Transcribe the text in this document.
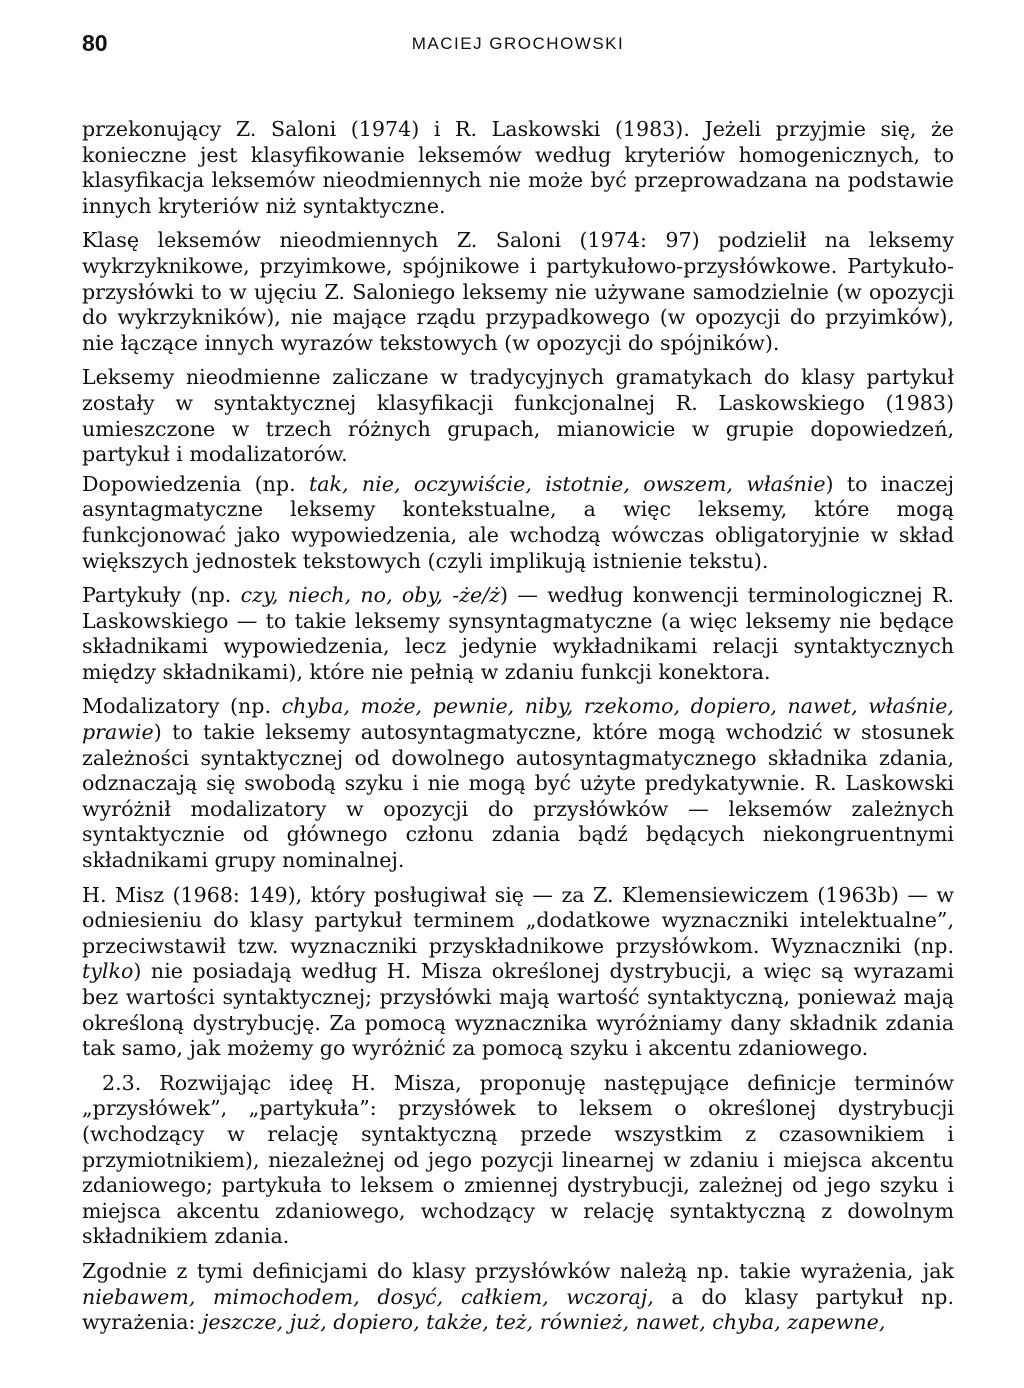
80	MACIEJ GROCHOWSKI

przekonujący Z. Saloni (1974) i R. Laskowski (1983). Jeżeli przyjmie się, że konieczne jest klasyfikowanie leksemów według kryteriów homogenicznych, to klasyfikacja leksemów nieodmiennych nie może być przeprowadzana na podstawie innych kryteriów niż syntaktyczne.

Klasę leksemów nieodmiennych Z. Saloni (1974: 97) podzielił na leksemy wykrzyknikowe, przyimkowe, spójnikowe i partykułowo-przysłówkowe. Partykuło-przysłówki to w ujęciu Z. Saloniego leksemy nie używane samodzielnie (w opozycji do wykrzykników), nie mające rządu przypadkowego (w opozycji do przyimków), nie łączące innych wyrazów tekstowych (w opozycji do spójników).

Leksemy nieodmienne zaliczane w tradycyjnych gramatykach do klasy partykuł zostały w syntaktycznej klasyfikacji funkcjonalnej R. Laskowskiego (1983) umieszczone w trzech różnych grupach, mianowicie w grupie dopowiedzeń, partykuł i modalizatorów.

Dopowiedzenia (np. tak, nie, oczywiście, istotnie, owszem, właśnie) to inaczej asyntagmatyczne leksemy kontekstualne, a więc leksemy, które mogą funkcjonować jako wypowiedzenia, ale wchodzą wówczas obligatoryjnie w skład większych jednostek tekstowych (czyli implikują istnienie tekstu).

Partykuły (np. czy, niech, no, oby, -że/ż) — według konwencji terminologicznej R. Laskowskiego — to takie leksemy synsyntagmatyczne (a więc leksemy nie będące składnikami wypowiedzenia, lecz jedynie wykładnikami relacji syntaktycznych między składnikami), które nie pełnią w zdaniu funkcji konektora.

Modalizatory (np. chyba, może, pewnie, niby, rzekomo, dopiero, nawet, właśnie, prawie) to takie leksemy autosyntagmatyczne, które mogą wchodzić w stosunek zależności syntaktycznej od dowolnego autosyntagmatycznego składnika zdania, odznaczają się swobodą szyku i nie mogą być użyte predykatywnie. R. Laskowski wyróżnił modalizatory w opozycji do przysłówków — leksemów zależnych syntaktycznie od głównego członu zdania bądź będących niekongruentnymi składnikami grupy nominalnej.

H. Misz (1968: 149), który posługiwał się — za Z. Klemensiewiczem (1963b) — w odniesieniu do klasy partykuł terminem „dodatkowe wyznaczniki intelektualne”, przeciwstawił tzw. wyznaczniki przyskładnikowe przysłówkom. Wyznaczniki (np. tylko) nie posiadają według H. Misza określonej dystrybucji, a więc są wyrazami bez wartości syntaktycznej; przysłówki mają wartość syntaktyczną, ponieważ mają określoną dystrybucję. Za pomocą wyznacznika wyróżniamy dany składnik zdania tak samo, jak możemy go wyróżnić za pomocą szyku i akcentu zdaniowego.

2.3. Rozwijając ideę H. Misza, proponuję następujące definicje terminów „przysłówek”, „partykuła”: przysłówek to leksem o określonej dystrybucji (wchodzący w relację syntaktyczną przede wszystkim z czasownikiem i przymiotnikiem), niezależnej od jego pozycji linearnej w zdaniu i miejsca akcentu zdaniowego; partykuła to leksem o zmiennej dystrybucji, zależnej od jego szyku i miejsca akcentu zdaniowego, wchodzący w relację syntaktyczną z dowolnym składnikiem zdania.

Zgodnie z tymi definicjami do klasy przysłówków należą np. takie wyrażenia, jak niebawem, mimochodem, dosyć, całkiem, wczoraj, a do klasy partykuł np. wyrażenia: jeszcze, już, dopiero, także, też, również, nawet, chyba, zapewne,
